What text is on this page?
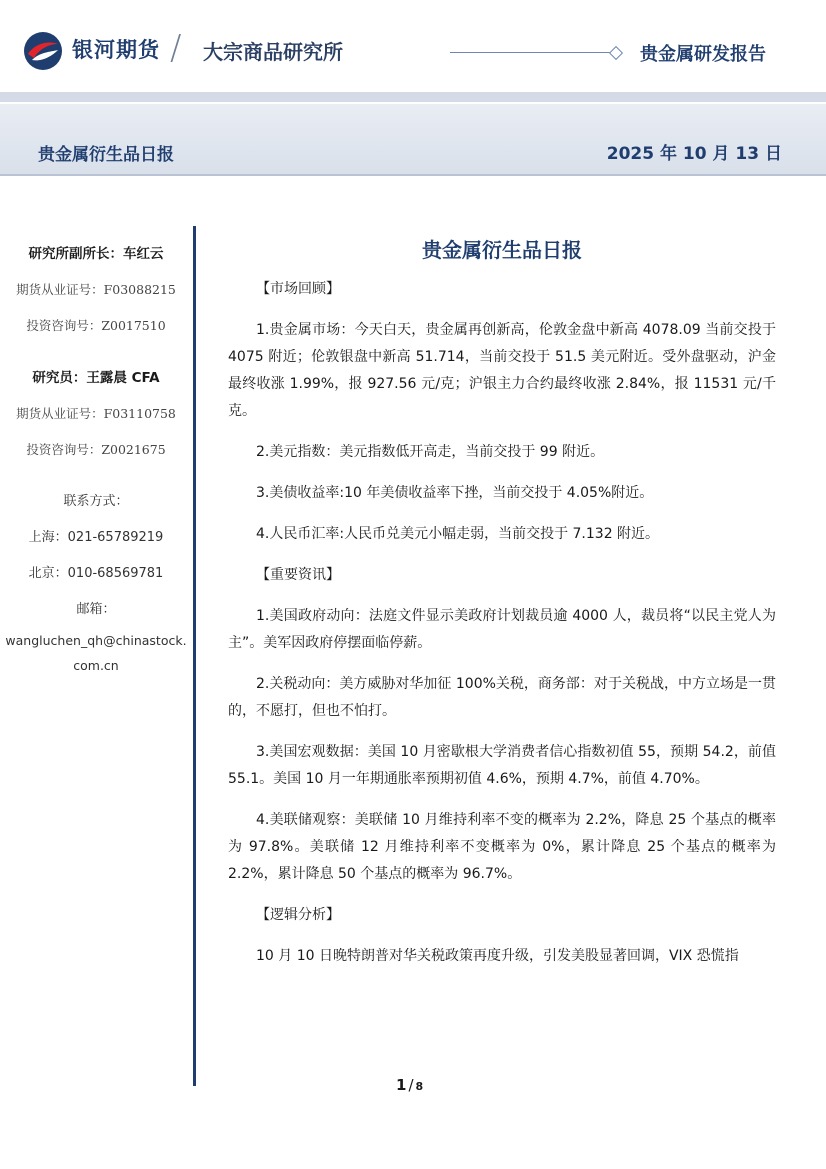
银河期货 / 大宗商品研究所	贵金属研发报告
贵金属衍生品日报	2025 年 10 月 13 日
研究所副所长：车红云
期货从业证号：F03088215
投资咨询号：Z0017510
研究员：王露晨 CFA
期货从业证号：F03110758
投资咨询号：Z0021675
联系方式：
上海：021-65789219
北京：010-68569781
邮箱：
wangluchen_qh@chinastock.com.cn
贵金属衍生品日报
【市场回顾】

1.贵金属市场：今天白天，贵金属再创新高，伦敦金盘中新高 4078.09 当前交投于 4075 附近；伦敦银盘中新高 51.714，当前交投于 51.5 美元附近。受外盘驱动，沪金最终收涨 1.99%，报 927.56 元/克；沪银主力合约最终收涨 2.84%，报 11531 元/千克。

2.美元指数：美元指数低开高走，当前交投于 99 附近。

3.美债收益率:10 年美债收益率下挫，当前交投于 4.05%附近。

4.人民币汇率:人民币兑美元小幅走弱，当前交投于 7.132 附近。

【重要资讯】

1.美国政府动向：法庭文件显示美政府计划裁员逾 4000 人，裁员将“以民主党人为主”。美军因政府停摆面临停薪。

2.关税动向：美方威胁对华加征 100%关税，商务部：对于关税战，中方立场是一贯的，不愿打，但也不怕打。

3.美国宏观数据：美国 10 月密歇根大学消费者信心指数初值 55，预期 54.2，前值 55.1。美国 10 月一年期通胀率预期初值 4.6%，预期 4.7%，前值 4.70%。

4.美联储观察：美联储 10 月维持利率不变的概率为 2.2%，降息 25 个基点的概率为 97.8%。美联储 12 月维持利率不变概率为 0%，累计降息 25 个基点的概率为 2.2%，累计降息 50 个基点的概率为 96.7%。

【逻辑分析】

10 月 10 日晚特朗普对华关税政策再度升级，引发美股显著回调，VIX 恐慌指

1 / 8
